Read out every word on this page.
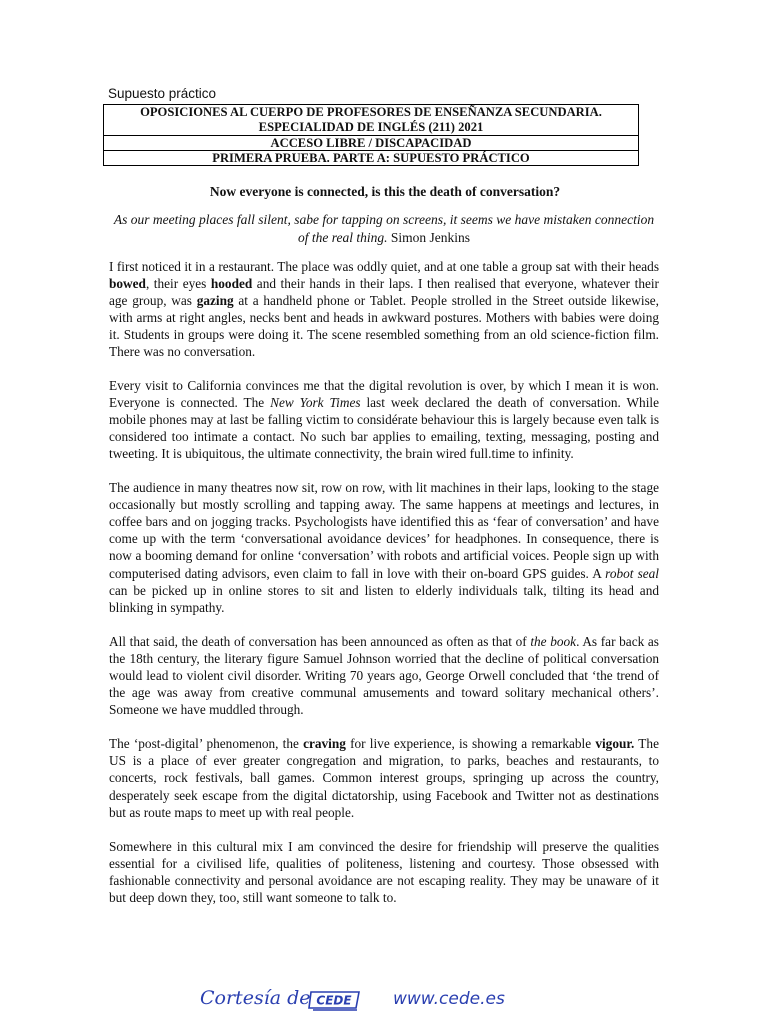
Supuesto práctico
OPOSICIONES AL CUERPO DE PROFESORES DE ENSEÑANZA SECUNDARIA.
ESPECIALIDAD DE INGLÉS (211) 2021
ACCESO LIBRE / DISCAPACIDAD
PRIMERA PRUEBA. PARTE A: SUPUESTO PRÁCTICO
Now everyone is connected, is this the death of conversation?
As our meeting places fall silent, sabe for tapping on screens, it seems we have mistaken connection of the real thing. Simon Jenkins

I first noticed it in a restaurant. The place was oddly quiet, and at one table a group sat with their heads bowed, their eyes hooded and their hands in their laps. I then realised that everyone, whatever their age group, was gazing at a handheld phone or Tablet. People strolled in the Street outside likewise, with arms at right angles, necks bent and heads in awkward postures. Mothers with babies were doing it. Students in groups were doing it. The scene resembled something from an old science-fiction film. There was no conversation.

Every visit to California convinces me that the digital revolution is over, by which I mean it is won. Everyone is connected. The New York Times last week declared the death of conversation. While mobile phones may at last be falling victim to considérate behaviour this is largely because even talk is considered too intimate a contact. No such bar applies to emailing, texting, messaging, posting and tweeting. It is ubiquitous, the ultimate connectivity, the brain wired full.time to infinity.

The audience in many theatres now sit, row on row, with lit machines in their laps, looking to the stage occasionally but mostly scrolling and tapping away. The same happens at meetings and lectures, in coffee bars and on jogging tracks. Psychologists have identified this as ‘fear of conversation’ and have come up with the term ‘conversational avoidance devices’ for headphones. In consequence, there is now a booming demand for online ‘conversation’ with robots and artificial voices. People sign up with computerised dating advisors, even claim to fall in love with their on-board GPS guides. A robot seal can be picked up in online stores to sit and listen to elderly individuals talk, tilting its head and blinking in sympathy.

All that said, the death of conversation has been announced as often as that of the book. As far back as the 18th century, the literary figure Samuel Johnson worried that the decline of political conversation would lead to violent civil disorder. Writing 70 years ago, George Orwell concluded that ‘the trend of the age was away from creative communal amusements and toward solitary mechanical others’. Someone we have muddled through.

The ‘post-digital’ phenomenon, the craving for live experience, is showing a remarkable vigour. The US is a place of ever greater congregation and migration, to parks, beaches and restaurants, to concerts, rock festivals, ball games. Common interest groups, springing up across the country, desperately seek escape from the digital dictatorship, using Facebook and Twitter not as destinations but as route maps to meet up with real people.

Somewhere in this cultural mix I am convinced the desire for friendship will preserve the qualities essential for a civilised life, qualities of politeness, listening and courtesy. Those obsessed with fashionable connectivity and personal avoidance are not escaping reality. They may be unaware of it but deep down they, too, still want someone to talk to.

Cortesía de CEDE www.cede.es
